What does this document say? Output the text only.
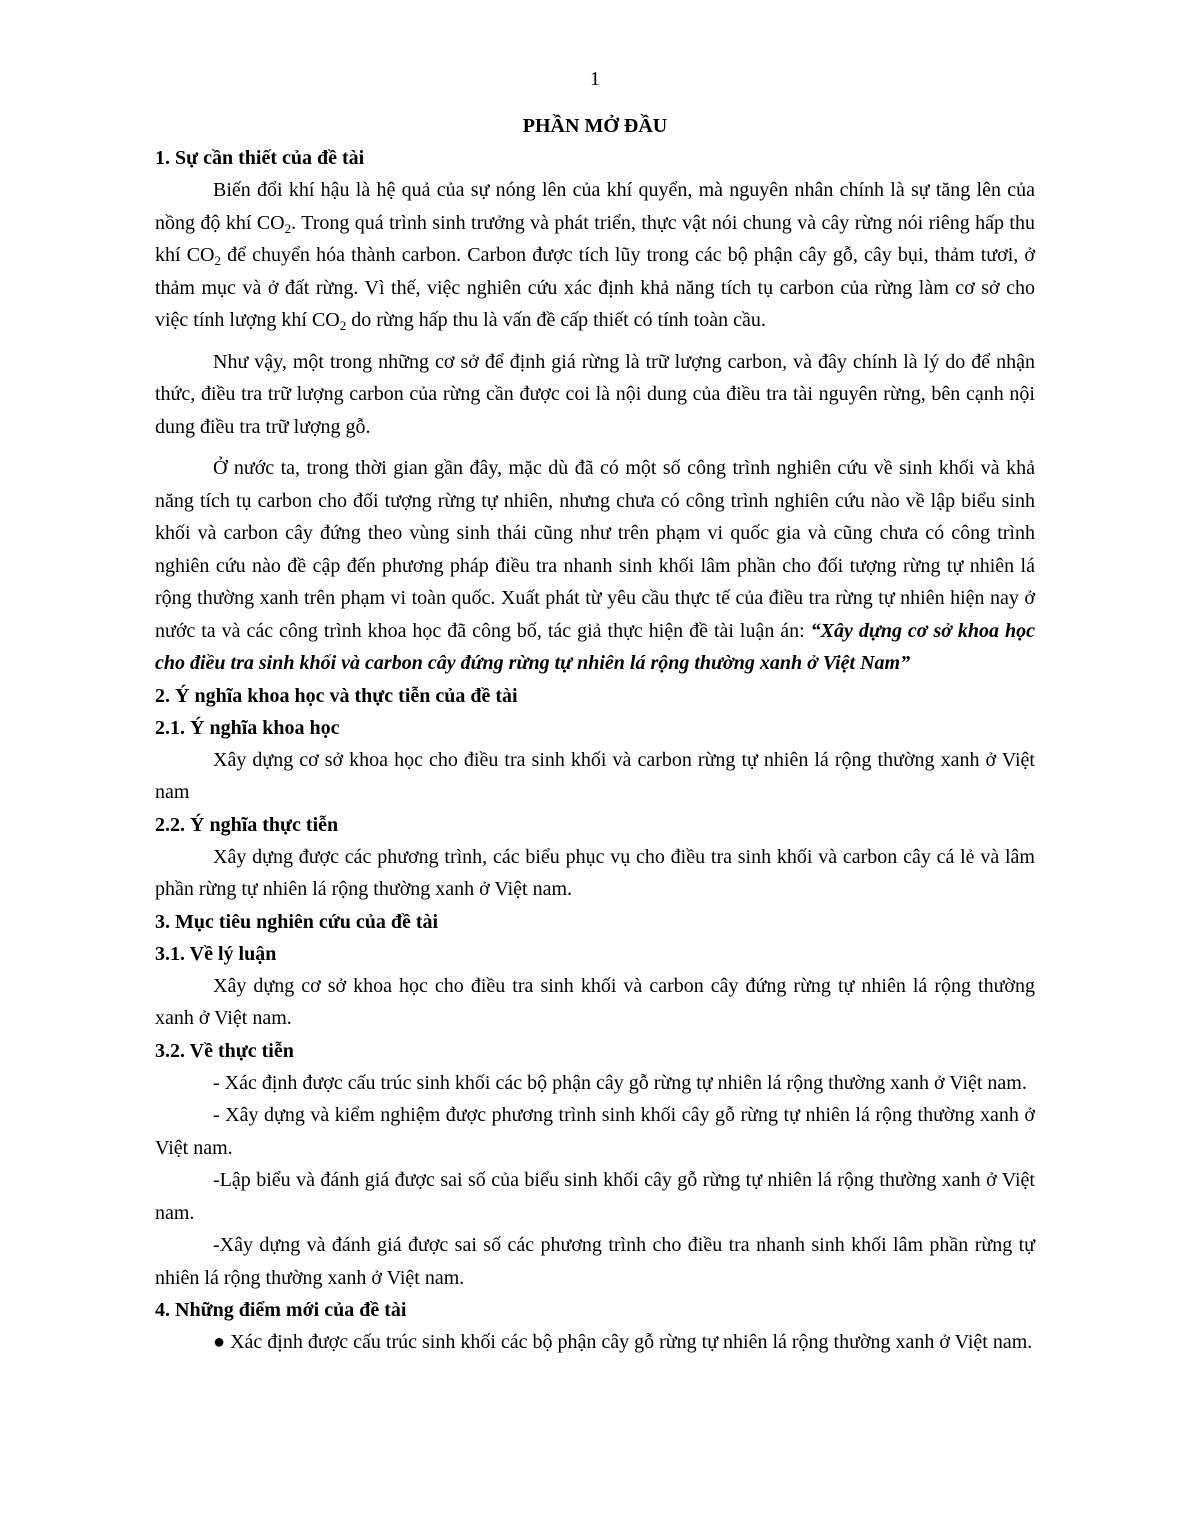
1

PHẦN MỞ ĐẦU
1. Sự cần thiết của đề tài

Biến đổi khí hậu là hệ quả của sự nóng lên của khí quyển, mà nguyên nhân chính là sự tăng lên của nồng độ khí $CO_2$. Trong quá trình sinh trưởng và phát triển, thực vật nói chung và cây rừng nói riêng hấp thu khí $CO_2$ để chuyển hóa thành carbon. Carbon được tích lũy trong các bộ phận cây gỗ, cây bụi, thảm tươi, ở thảm mục và ở đất rừng. Vì thế, việc nghiên cứu xác định khả năng tích tụ carbon của rừng làm cơ sở cho việc tính lượng khí $CO_2$ do rừng hấp thu là vấn đề cấp thiết có tính toàn cầu.

Như vậy, một trong những cơ sở để định giá rừng là trữ lượng carbon, và đây chính là lý do để nhận thức, điều tra trữ lượng carbon của rừng cần được coi là nội dung của điều tra tài nguyên rừng, bên cạnh nội dung điều tra trữ lượng gỗ.

Ở nước ta, trong thời gian gần đây, mặc dù đã có một số công trình nghiên cứu về sinh khối và khả năng tích tụ carbon cho đối tượng rừng tự nhiên, nhưng chưa có công trình nghiên cứu nào về lập biểu sinh khối và carbon cây đứng theo vùng sinh thái cũng như trên phạm vi quốc gia và cũng chưa có công trình nghiên cứu nào đề cập đến phương pháp điều tra nhanh sinh khối lâm phần cho đối tượng rừng tự nhiên lá rộng thường xanh trên phạm vi toàn quốc. Xuất phát từ yêu cầu thực tế của điều tra rừng tự nhiên hiện nay ở nước ta và các công trình khoa học đã công bố, tác giả thực hiện đề tài luận án: “Xây dựng cơ sở khoa học cho điều tra sinh khối và carbon cây đứng rừng tự nhiên lá rộng thường xanh ở Việt Nam”

2. Ý nghĩa khoa học và thực tiễn của đề tài
2.1. Ý nghĩa khoa học

Xây dựng cơ sở khoa học cho điều tra sinh khối và carbon rừng tự nhiên lá rộng thường xanh ở Việt nam

2.2. Ý nghĩa thực tiễn

Xây dựng được các phương trình, các biểu phục vụ cho điều tra sinh khối và carbon cây cá lẻ và lâm phần rừng tự nhiên lá rộng thường xanh ở Việt nam.

3. Mục tiêu nghiên cứu của đề tài
3.1. Về lý luận

Xây dựng cơ sở khoa học cho điều tra sinh khối và carbon cây đứng rừng tự nhiên lá rộng thường xanh ở Việt nam.

3.2. Về thực tiễn

- Xác định được cấu trúc sinh khối các bộ phận cây gỗ rừng tự nhiên lá rộng thường xanh ở Việt nam.

- Xây dựng và kiểm nghiệm được phương trình sinh khối cây gỗ rừng tự nhiên lá rộng thường xanh ở Việt nam.

-Lập biểu và đánh giá được sai số của biểu sinh khối cây gỗ rừng tự nhiên lá rộng thường xanh ở Việt nam.

-Xây dựng và đánh giá được sai số các phương trình cho điều tra nhanh sinh khối lâm phần rừng tự nhiên lá rộng thường xanh ở Việt nam.

4. Những điểm mới của đề tài

● Xác định được cấu trúc sinh khối các bộ phận cây gỗ rừng tự nhiên lá rộng thường xanh ở Việt nam.
